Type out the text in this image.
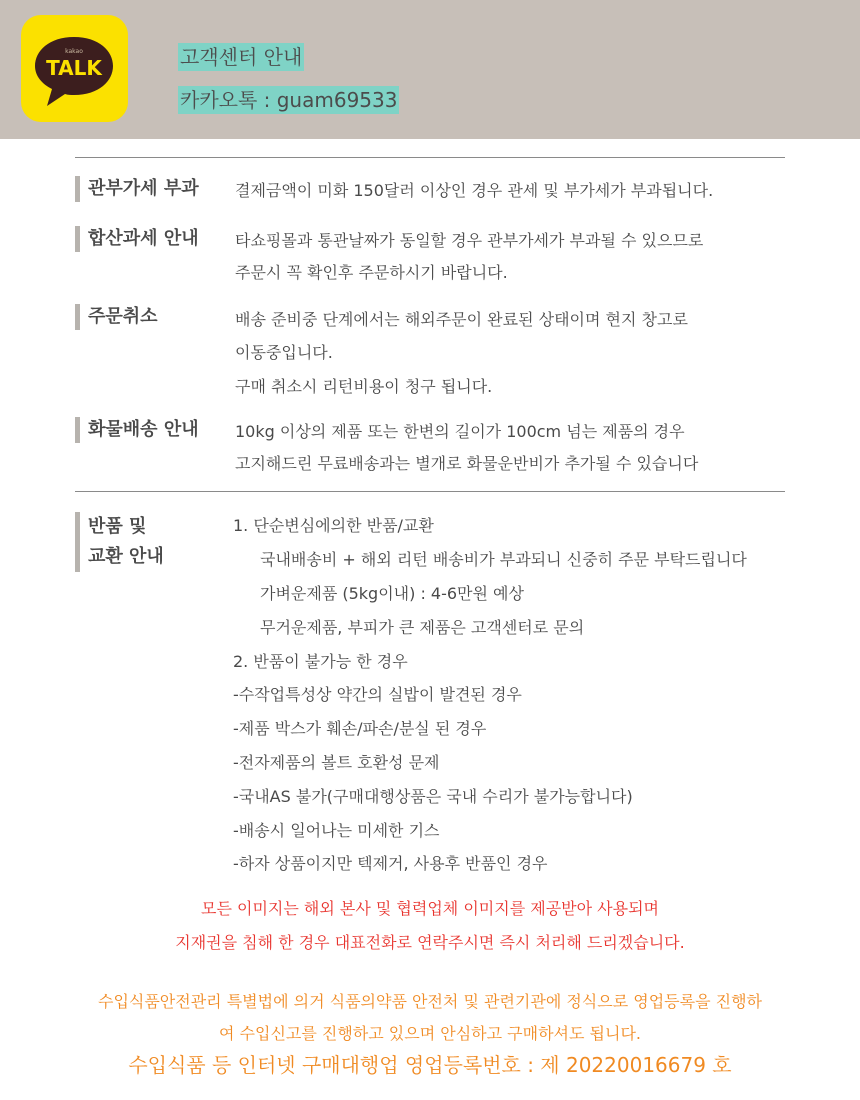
kakao
TALK	고객센터 안내
카카오톡 : guam69533
관부가세 부과 결제금액이 미화 150달러 이상인 경우 관세 및 부가세가 부과됩니다.
합산과세 안내 타쇼핑몰과 통관날짜가 동일할 경우 관부가세가 부과될 수 있으므로
주문시 꼭 확인후 주문하시기 바랍니다.
주문취소	배송 준비중 단계에서는 해외주문이 완료된 상태이며 현지 창고로
이동중입니다.
구매 취소시 리턴비용이 청구 됩니다.
화물배송 안내 10kg 이상의 제품 또는 한변의 길이가 100cm 넘는 제품의 경우
고지해드린 무료배송과는 별개로 화물운반비가 추가될 수 있습니다
반품 및
교환 안내
1. 단순변심에의한 반품/교환
국내배송비 + 해외 리턴 배송비가 부과되니 신중히 주문 부탁드립니다
가벼운제품 (5kg이내) : 4-6만원 예상
무거운제품, 부피가 큰 제품은 고객센터로 문의
2. 반품이 불가능 한 경우
-수작업특성상 약간의 실밥이 발견된 경우
-제품 박스가 훼손/파손/분실 된 경우
-전자제품의 볼트 호환성 문제
-국내AS 불가(구매대행상품은 국내 수리가 불가능합니다)
-배송시 일어나는 미세한 기스
-하자 상품이지만 텍제거, 사용후 반품인 경우
모든 이미지는 해외 본사 및 협력업체 이미지를 제공받아 사용되며
지재권을 침해 한 경우 대표전화로 연락주시면 즉시 처리해 드리겠습니다.
수입식품안전관리 특별법에 의거 식품의약품 안전처 및 관련기관에 정식으로 영업등록을 진행하
여 수입신고를 진행하고 있으며 안심하고 구매하셔도 됩니다.
수입식품 등 인터넷 구매대행업 영업등록번호 : 제 20220016679 호
